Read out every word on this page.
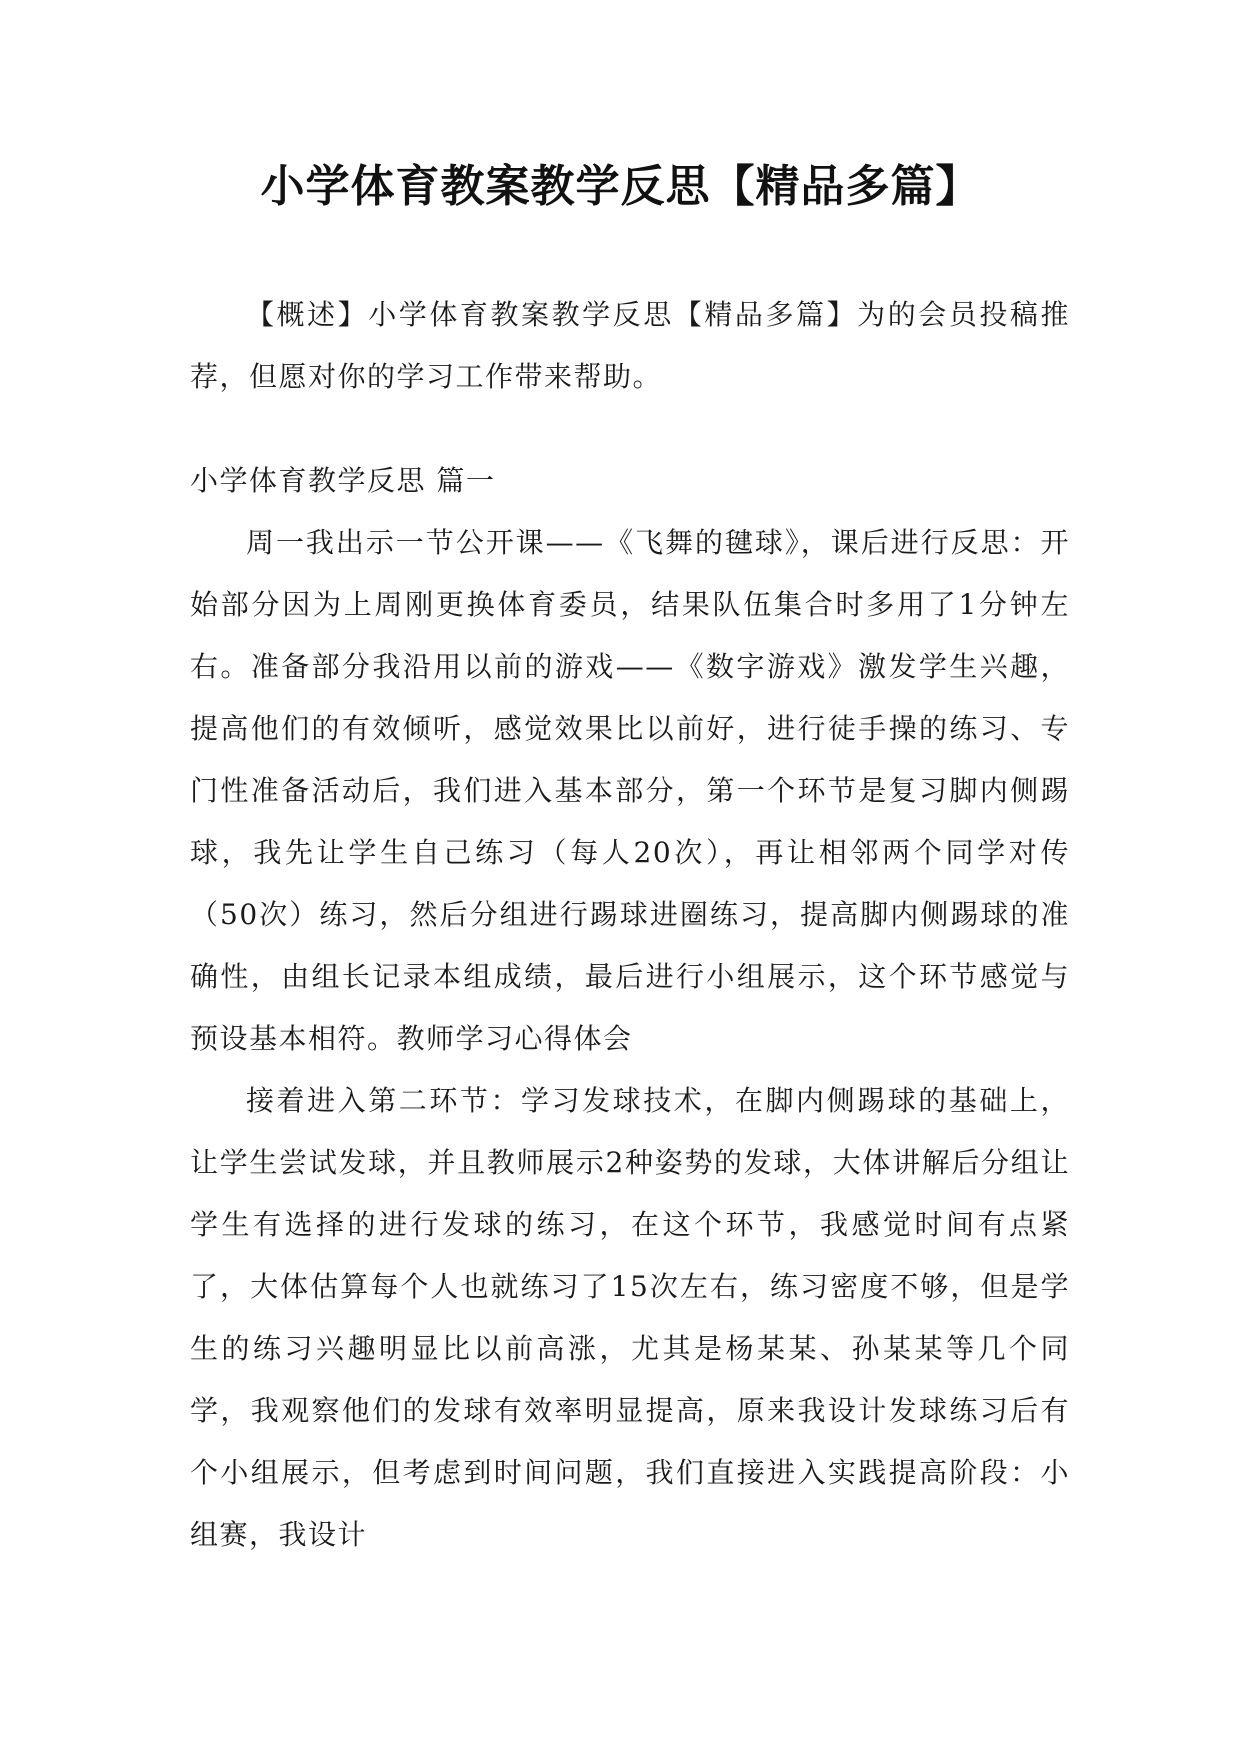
小学体育教案教学反思【精品多篇】

【概述】小学体育教案教学反思【精品多篇】为的会员投稿推荐，但愿对你的学习工作带来帮助。

小学体育教学反思 篇一

周一我出示一节公开课——《飞舞的毽球》，课后进行反思：开始部分因为上周刚更换体育委员，结果队伍集合时多用了1分钟左右。准备部分我沿用以前的游戏——《数字游戏》激发学生兴趣，提高他们的有效倾听，感觉效果比以前好，进行徒手操的练习、专门性准备活动后，我们进入基本部分，第一个环节是复习脚内侧踢球，我先让学生自己练习（每人20次），再让相邻两个同学对传（50次）练习，然后分组进行踢球进圈练习，提高脚内侧踢球的准确性，由组长记录本组成绩，最后进行小组展示，这个环节感觉与预设基本相符。教师学习心得体会

接着进入第二环节：学习发球技术，在脚内侧踢球的基础上，让学生尝试发球，并且教师展示2种姿势的发球，大体讲解后分组让学生有选择的进行发球的练习，在这个环节，我感觉时间有点紧了，大体估算每个人也就练习了15次左右，练习密度不够，但是学生的练习兴趣明显比以前高涨，尤其是杨某某、孙某某等几个同学，我观察他们的发球有效率明显提高，原来我设计发球练习后有个小组展示，但考虑到时间问题，我们直接进入实践提高阶段：小组赛，我设计
